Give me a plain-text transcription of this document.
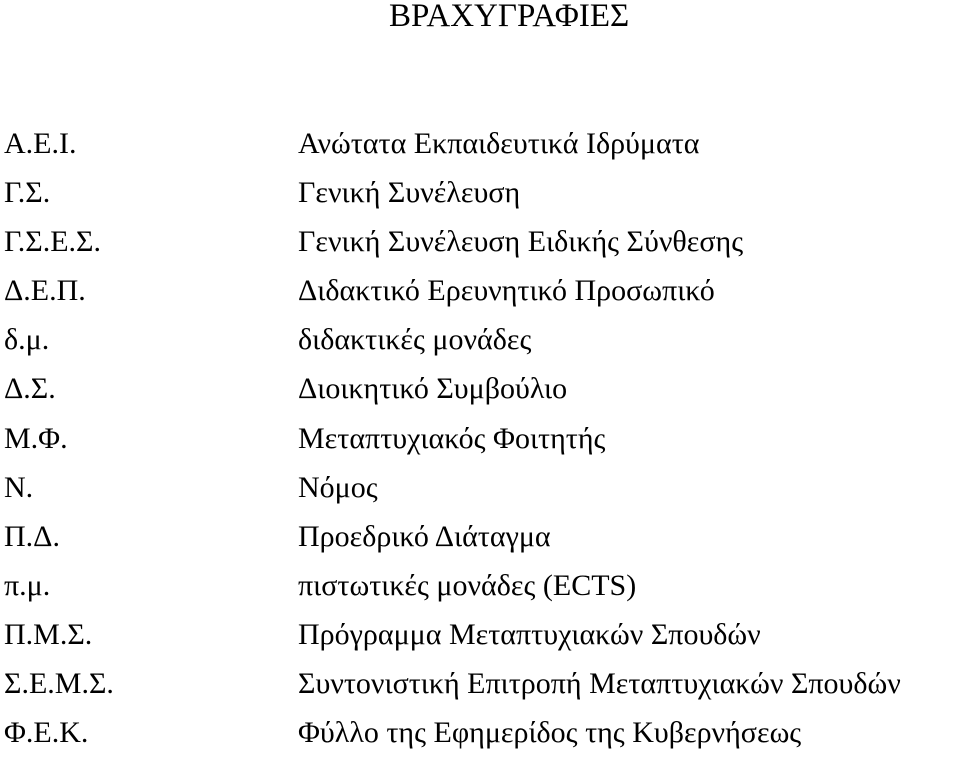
ΒΡΑΧΥΓΡΑΦΙΕΣ
Α.Ε.Ι.	Ανώτατα Εκπαιδευτικά Ιδρύματα
Γ.Σ.	Γενική Συνέλευση
Γ.Σ.Ε.Σ.	Γενική Συνέλευση Ειδικής Σύνθεσης
Δ.Ε.Π.	Διδακτικό Ερευνητικό Προσωπικό
δ.μ.	διδακτικές μονάδες
Δ.Σ.	Διοικητικό Συμβούλιο
Μ.Φ.	Μεταπτυχιακός Φοιτητής
Ν.	Νόμος
Π.Δ.	Προεδρικό Διάταγμα
π.μ.	πιστωτικές μονάδες (ECTS)
Π.Μ.Σ.	Πρόγραμμα Μεταπτυχιακών Σπουδών
Σ.Ε.Μ.Σ.	Συντονιστική Επιτροπή Μεταπτυχιακών Σπουδών
Φ.Ε.Κ.	Φύλλο της Εφημερίδος της Κυβερνήσεως
